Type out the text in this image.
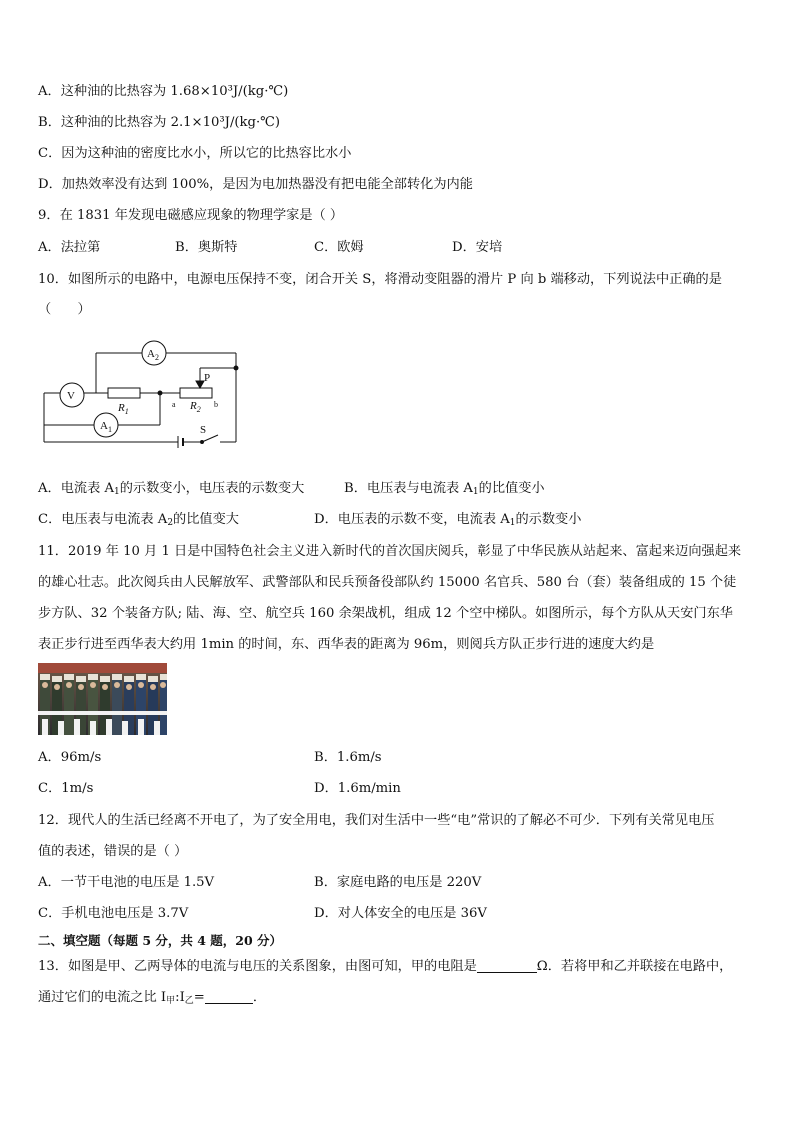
A．这种油的比热容为 1.68×10³J/(kg·℃)
B．这种油的比热容为 2.1×10³J/(kg·℃)
C．因为这种油的密度比水小，所以它的比热容比水小
D．加热效率没有达到 100%，是因为电加热器没有把电能全部转化为内能
9．在 1831 年发现电磁感应现象的物理学家是（ ）
A．法拉第	B．奥斯特	C．欧姆	D．安培
10．如图所示的电路中，电源电压保持不变，闭合开关 S，将滑动变阻器的滑片 P 向 b 端移动，下列说法中正确的是
（　　）
$A_2$
V
$A_1$
$R_1$	$R_2$
P
a	b
S
A．电流表 $A_1$的示数变小，电压表的示数变大	B．电压表与电流表 $A_1$的比值变小
C．电压表与电流表 $A_2$的比值变大	D．电压表的示数不变，电流表 $A_1$的示数变小
11．2019 年 10 月 1 日是中国特色社会主义进入新时代的首次国庆阅兵，彰显了中华民族从站起来、富起来迈向强起来
的雄心壮志。此次阅兵由人民解放军、武警部队和民兵预备役部队约 15000 名官兵、580 台（套）装备组成的 15 个徒
步方队、32 个装备方队; 陆、海、空、航空兵 160 余架战机，组成 12 个空中梯队。如图所示，每个方队从天安门东华
表正步行进至西华表大约用 1min 的时间，东、西华表的距离为 96m，则阅兵方队正步行进的速度大约是
A．96m/s	B．1.6m/s
C．1m/s	D．1.6m/min
12．现代人的生活已经离不开电了，为了安全用电，我们对生活中一些“电”常识的了解必不可少．下列有关常见电压
值的表述，错误的是（ ）
A．一节干电池的电压是 1.5V	B．家庭电路的电压是 220V
C．手机电池电压是 3.7V	D．对人体安全的电压是 36V
二、填空题（每题 5 分，共 4 题，20 分）
13．如图是甲、乙两导体的电流与电压的关系图象，由图可知，甲的电阻是	Ω．若将甲和乙并联接在电路中，
通过它们的电流之比 $I_甲:I_乙=$	．
